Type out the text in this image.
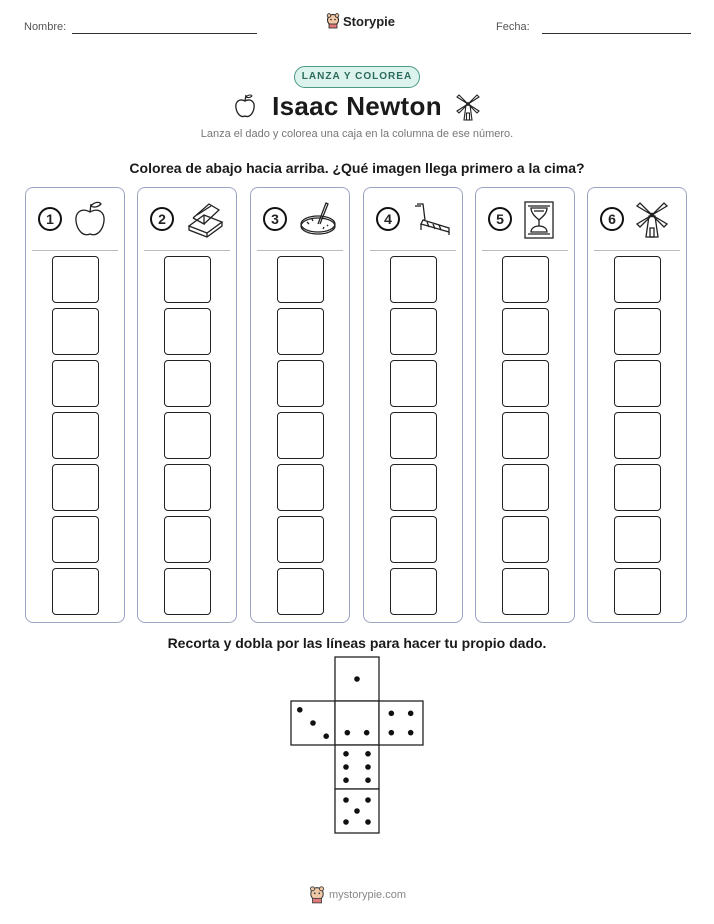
Nombre:	Storypie	Fecha:
LANZA Y COLOREA
Isaac Newton
Lanza el dado y colorea una caja en la columna de ese número.
Colorea de abajo hacia arriba. ¿Qué imagen llega primero a la cima?
1	2	3	4	5	6
Recorta y dobla por las líneas para hacer tu propio dado.
mystorypie.com
